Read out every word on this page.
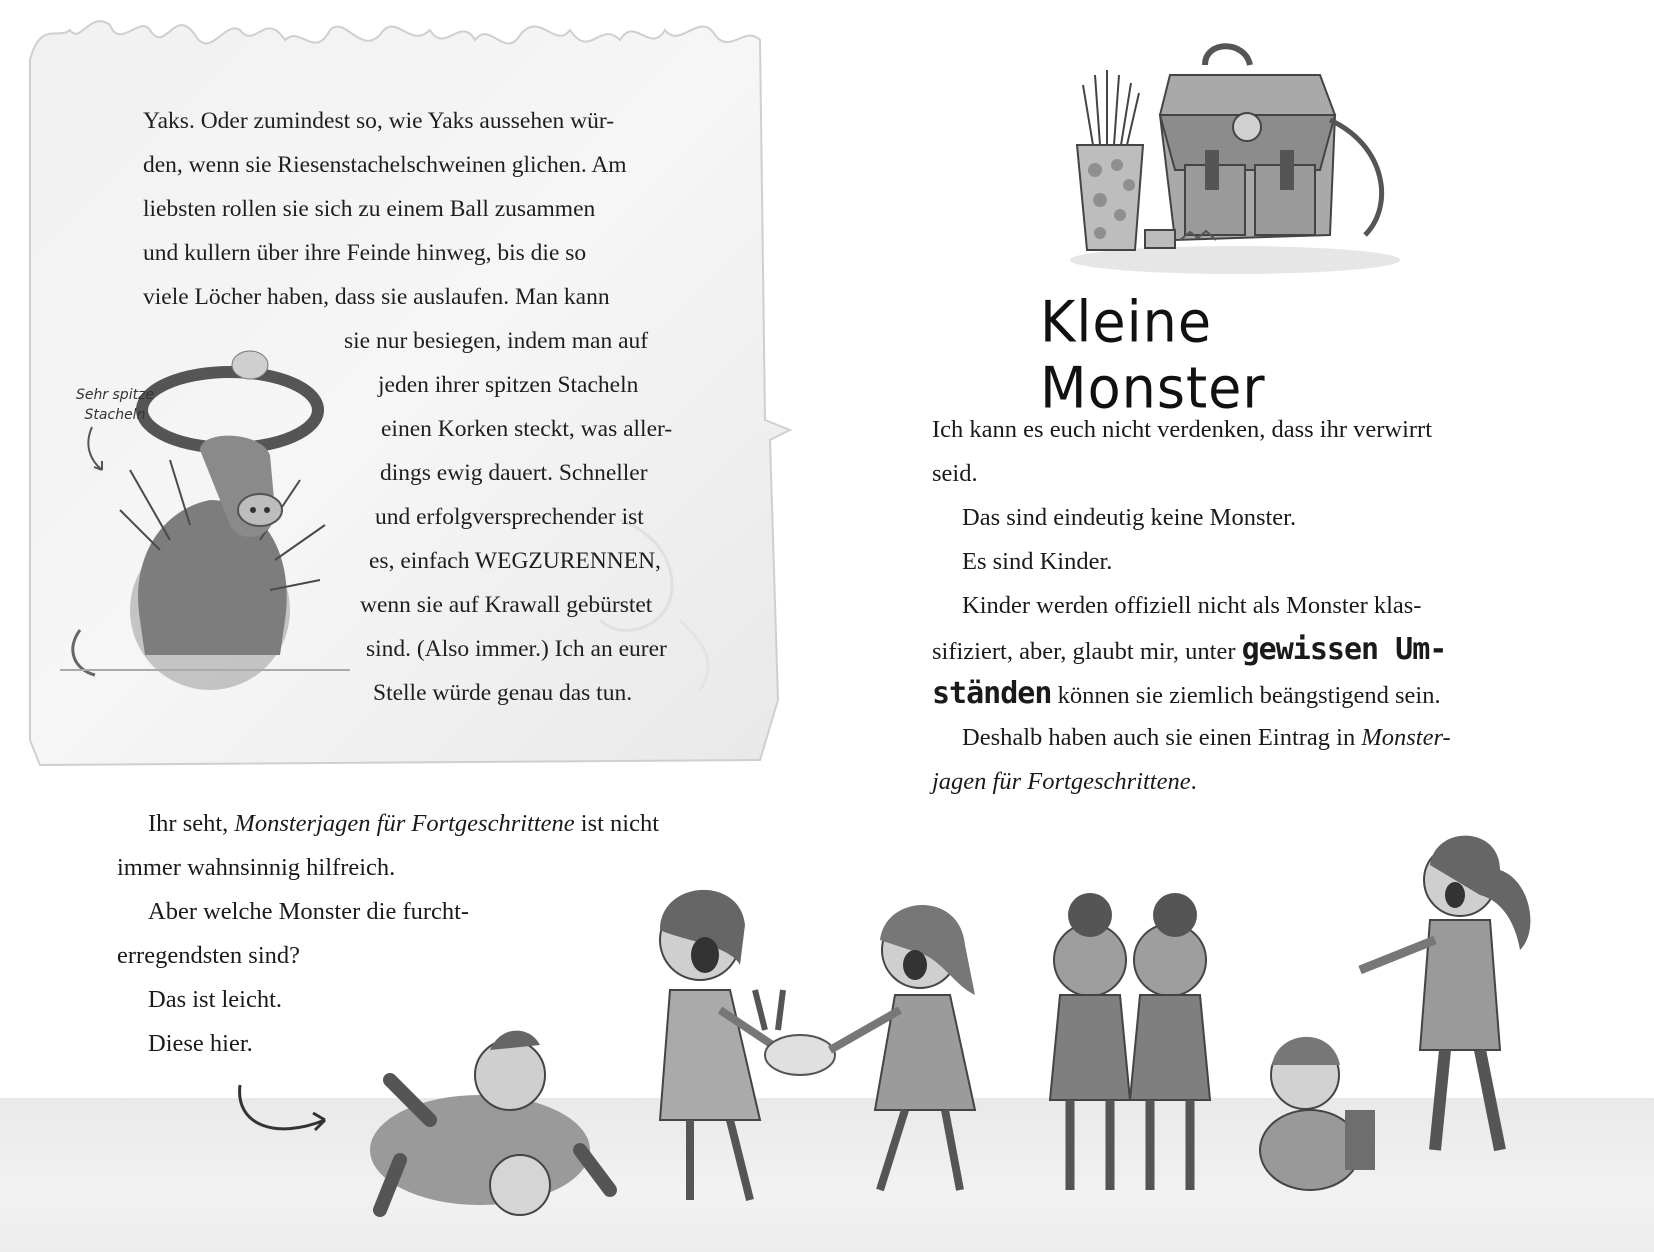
Sehr spitze
Stacheln
Yaks. Oder zumindest so, wie Yaks aussehen wür-
den, wenn sie Riesenstachelschweinen glichen. Am
liebsten rollen sie sich zu einem Ball zusammen
und kullern über ihre Feinde hinweg, bis die so
viele Löcher haben, dass sie auslaufen. Man kann
sie nur besiegen, indem man auf
jeden ihrer spitzen Stacheln
einen Korken steckt, was aller-
dings ewig dauert. Schneller
und erfolgversprechender ist
es, einfach WEGZURENNEN,
wenn sie auf Krawall gebürstet
sind. (Also immer.) Ich an eurer
Stelle würde genau das tun.
Ihr seht, Monsterjagen für Fortgeschrittene ist nicht
immer wahnsinnig hilfreich.
Aber welche Monster die furcht-
erregendsten sind?
Das ist leicht.
Diese hier.
Kleine Monster
Ich kann es euch nicht verdenken, dass ihr verwirrt
seid.
Das sind eindeutig keine Monster.
Es sind Kinder.
Kinder werden offiziell nicht als Monster klas-
sifiziert, aber, glaubt mir, unter gewissen Um-
ständen können sie ziemlich beängstigend sein.
Deshalb haben auch sie einen Eintrag in Monster-
jagen für Fortgeschrittene.
